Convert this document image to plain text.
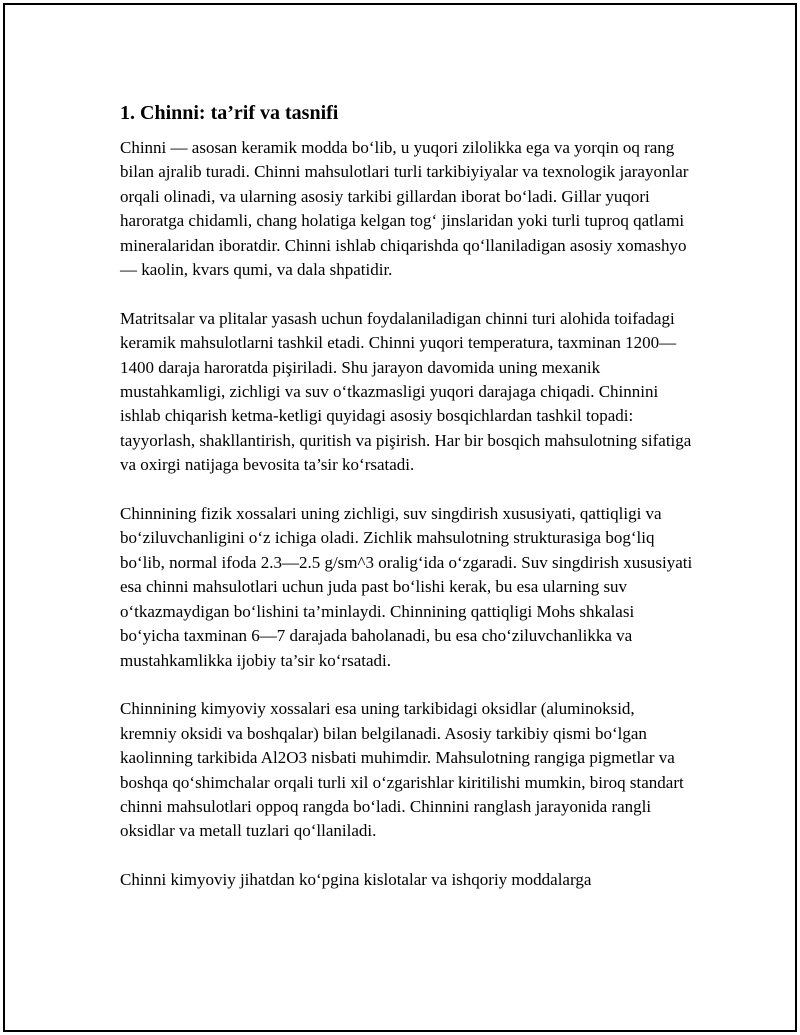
1. Chinni: ta’rif va tasnifi

Chinni — asosan keramik modda bo‘lib, u yuqori zilolikka ega va yorqin oq rang bilan ajralib turadi. Chinni mahsulotlari turli tarkibiyiyalar va texnologik jarayonlar orqali olinadi, va ularning asosiy tarkibi gillardan iborat bo‘ladi. Gillar yuqori haroratga chidamli, chang holatiga kelgan tog‘ jinslaridan yoki turli tuproq qatlami mineralaridan iboratdir. Chinni ishlab chiqarishda qo‘llaniladigan asosiy xomashyo — kaolin, kvars qumi, va dala shpatidir.

Matritsalar va plitalar yasash uchun foydalaniladigan chinni turi alohida toifadagi keramik mahsulotlarni tashkil etadi. Chinni yuqori temperatura, taxminan 1200—1400 daraja haroratda pişiriladi. Shu jarayon davomida uning mexanik mustahkamligi, zichligi va suv o‘tkazmasligi yuqori darajaga chiqadi. Chinnini ishlab chiqarish ketma-ketligi quyidagi asosiy bosqichlardan tashkil topadi: tayyorlash, shakllantirish, quritish va pişirish. Har bir bosqich mahsulotning sifatiga va oxirgi natijaga bevosita ta’sir ko‘rsatadi.

Chinnining fizik xossalari uning zichligi, suv singdirish xususiyati, qattiqligi va bo‘ziluvchanligini o‘z ichiga oladi. Zichlik mahsulotning strukturasiga bog‘liq bo‘lib, normal ifoda 2.3—2.5 g/sm^3 oralig‘ida o‘zgaradi. Suv singdirish xususiyati esa chinni mahsulotlari uchun juda past bo‘lishi kerak, bu esa ularning suv o‘tkazmaydigan bo‘lishini ta’minlaydi. Chinnining qattiqligi Mohs shkalasi bo‘yicha taxminan 6—7 darajada baholanadi, bu esa cho‘ziluvchanlikka va mustahkamlikka ijobiy ta’sir ko‘rsatadi.

Chinnining kimyoviy xossalari esa uning tarkibidagi oksidlar (aluminoksid, kremniy oksidi va boshqalar) bilan belgilanadi. Asosiy tarkibiy qismi bo‘lgan kaolinning tarkibida Al2O3 nisbati muhimdir. Mahsulotning rangiga pigmetlar va boshqa qo‘shimchalar orqali turli xil o‘zgarishlar kiritilishi mumkin, biroq standart chinni mahsulotlari oppoq rangda bo‘ladi. Chinnini ranglash jarayonida rangli oksidlar va metall tuzlari qo‘llaniladi.

Chinni kimyoviy jihatdan ko‘pgina kislotalar va ishqoriy moddalarga
